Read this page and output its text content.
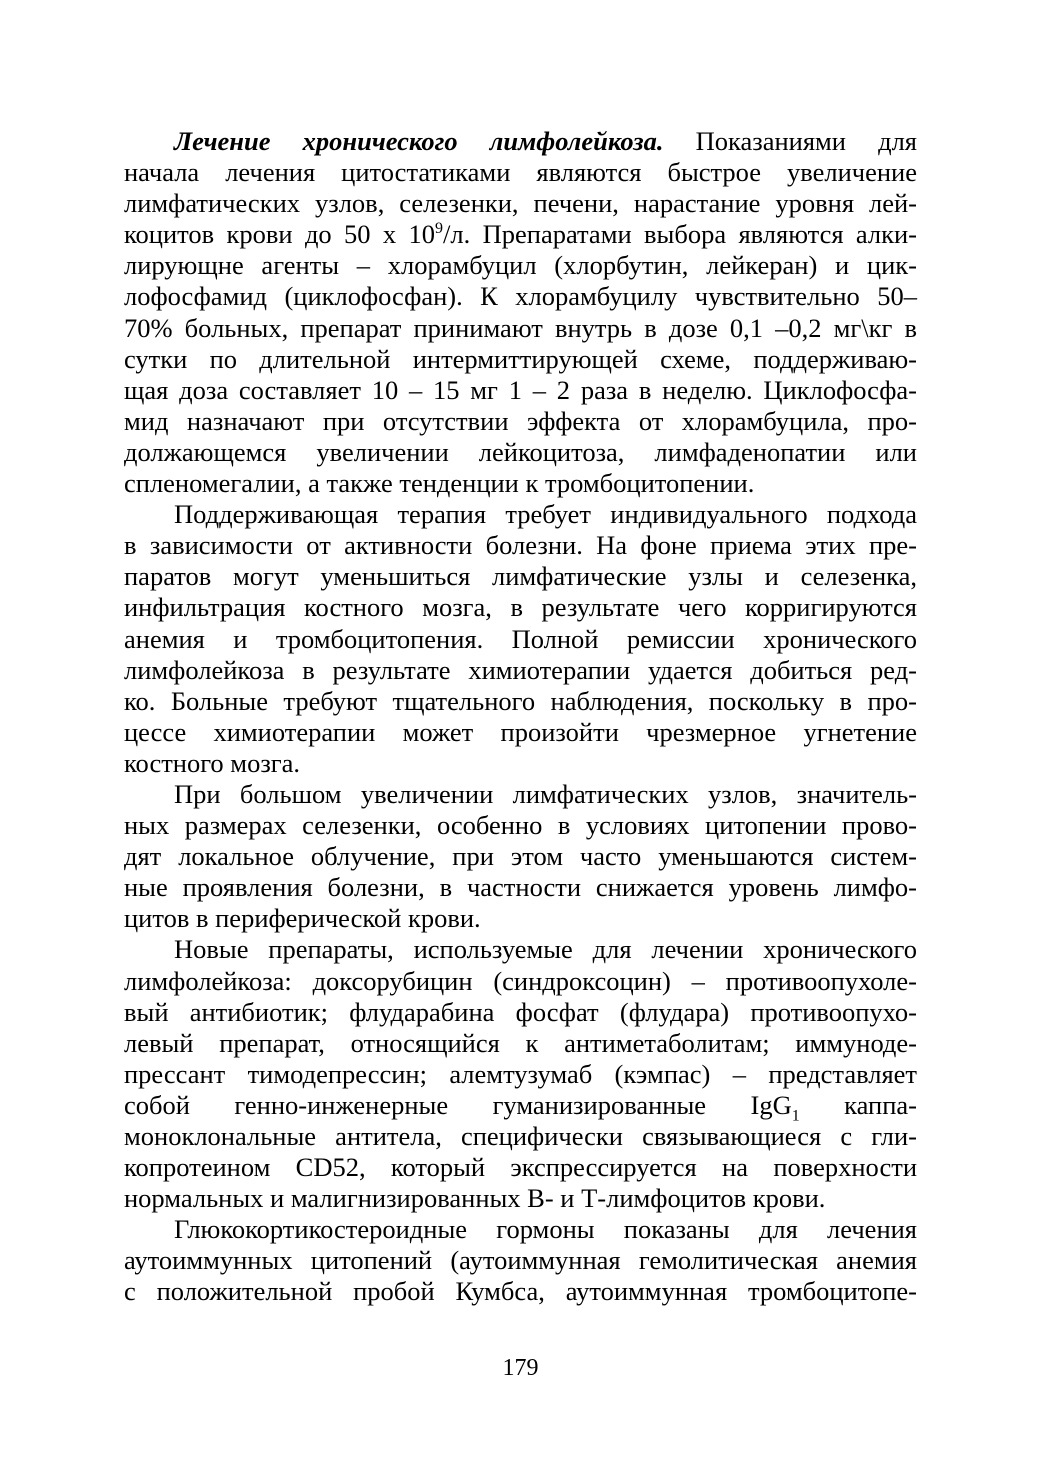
Лечение хронического лимфолейкоза. Показаниями для
начала лечения цитостатиками являются быстрое увеличение
лимфатических узлов, селезенки, печени, нарастание уровня лей-
коцитов крови до 50 х $10^9/л$. Препаратами выбора являются алки-
лирующне агенты – хлорамбуцил (хлорбутин, лейкеран) и цик-
лофосфамид (циклофосфан). К хлорамбуцилу чувствительно 50–
70% больных, препарат принимают внутрь в дозе 0,1 –0,2 мг\кг в
сутки по длительной интермиттирующей схеме, поддерживаю-
щая доза составляет 10 – 15 мг 1 – 2 раза в неделю. Циклофосфа-
мид назначают при отсутствии эффекта от хлорамбуцила, про-
должающемся увеличении лейкоцитоза, лимфаденопатии или
спленомегалии, а также тенденции к тромбоцитопении.
Поддерживающая терапия требует индивидуального подхода
в зависимости от активности болезни. На фоне приема этих пре-
паратов могут уменьшиться лимфатические узлы и селезенка,
инфильтрация костного мозга, в результате чего корригируются
анемия и тромбоцитопения. Полной ремиссии хронического
лимфолейкоза в результате химиотерапии удается добиться ред-
ко. Больные требуют тщательного наблюдения, поскольку в про-
цессе химиотерапии может произойти чрезмерное угнетение
костного мозга.
При большом увеличении лимфатических узлов, значитель-
ных размерах селезенки, особенно в условиях цитопении прово-
дят локальное облучение, при этом часто уменьшаются систем-
ные проявления болезни, в частности снижается уровень лимфо-
цитов в периферической крови.
Новые препараты, используемые для лечении хронического
лимфолейкоза: доксорубицин (синдроксоцин) – противоопухоле-
вый антибиотик; флударабина фосфат (флудара) противоопухо-
левый препарат, относящийся к антиметаболитам; иммуноде-
прессант тимодепрессин; алемтузумаб (кэмпас) – представляет
собой генно-инженерные гуманизированные IgG$_1$ каппа-
моноклональные антитела, специфически связывающиеся с гли-
копротеином CD52, который экспрессируется на поверхности
нормальных и малигнизированных В- и Т-лимфоцитов крови.
Глюкокортикостероидные гормоны показаны для лечения
аутоиммунных цитопений (аутоиммунная гемолитическая анемия
с положительной пробой Кумбса, аутоиммунная тромбоцитопе-
179
